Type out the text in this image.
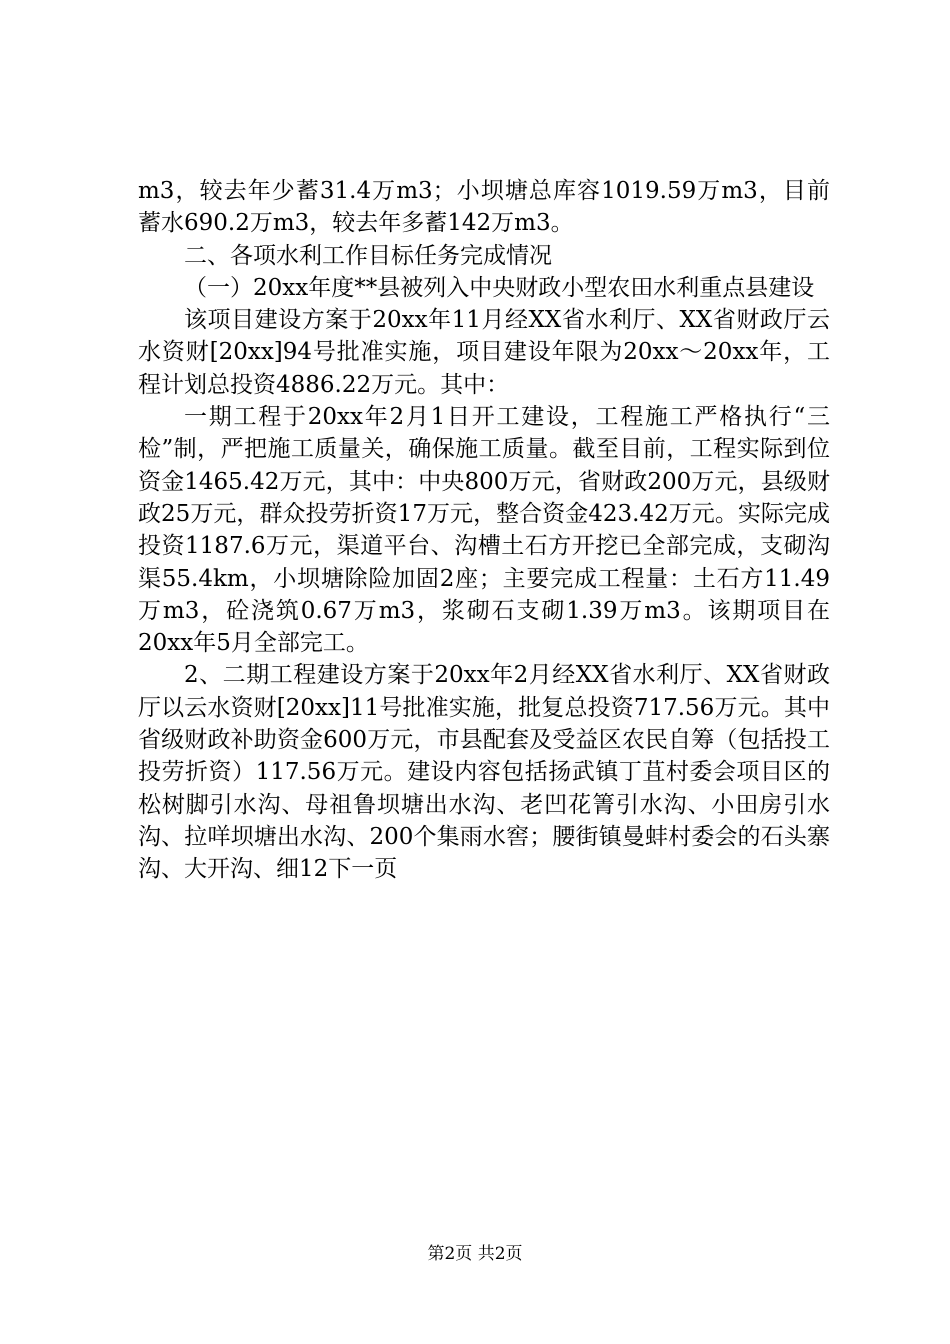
m3，较去年少蓄31.4万m3；小坝塘总库容1019.59万m3，目前蓄水690.2万m3，较去年多蓄142万m3。

二、各项水利工作目标任务完成情况

（一）20xx年度**县被列入中央财政小型农田水利重点县建设

该项目建设方案于20xx年11月经XX省水利厅、XX省财政厅云水资财[20xx]94号批准实施，项目建设年限为20xx～20xx年，工程计划总投资4886.22万元。其中：

一期工程于20xx年2月1日开工建设，工程施工严格执行“三检”制，严把施工质量关，确保施工质量。截至目前，工程实际到位资金1465.42万元，其中：中央800万元，省财政200万元，县级财政25万元，群众投劳折资17万元，整合资金423.42万元。实际完成投资1187.6万元，渠道平台、沟槽土石方开挖已全部完成，支砌沟渠55.4km，小坝塘除险加固2座；主要完成工程量：土石方11.49万m3，砼浇筑0.67万m3，浆砌石支砌1.39万m3。该期项目在20xx年5月全部完工。

2、二期工程建设方案于20xx年2月经XX省水利厅、XX省财政厅以云水资财[20xx]11号批准实施，批复总投资717.56万元。其中省级财政补助资金600万元，市县配套及受益区农民自筹（包括投工投劳折资）117.56万元。建设内容包括扬武镇丁苴村委会项目区的松树脚引水沟、母祖鲁坝塘出水沟、老凹花箐引水沟、小田房引水沟、拉咩坝塘出水沟、200个集雨水窖；腰街镇曼蚌村委会的石头寨沟、大开沟、细12下一页

第2页 共2页
